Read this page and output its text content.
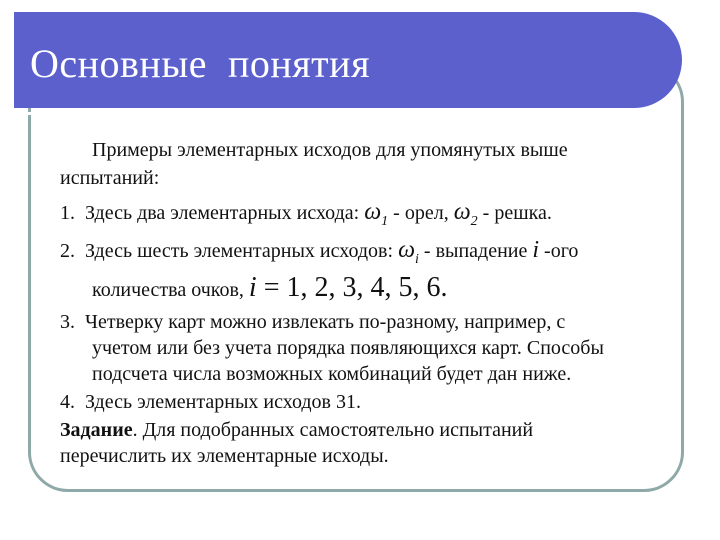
Основные  понятия
Примеры элементарных исходов для упомянутых выше
испытаний:
1. Здесь два элементарных исхода: $\omega_1$ - орел, $\omega_2$ - решка.
2. Здесь шесть элементарных исходов: $\omega_i$ - выпадение i -ого
количества очков, i = 1, 2, 3, 4, 5, 6.
3. Четверку карт можно извлекать по-разному, например, с
учетом или без учета порядка появляющихся карт. Способы
подсчета числа возможных комбинаций будет дан ниже.
4. Здесь элементарных исходов 31.
Задание. Для подобранных самостоятельно испытаний
перечислить их элементарные исходы.
